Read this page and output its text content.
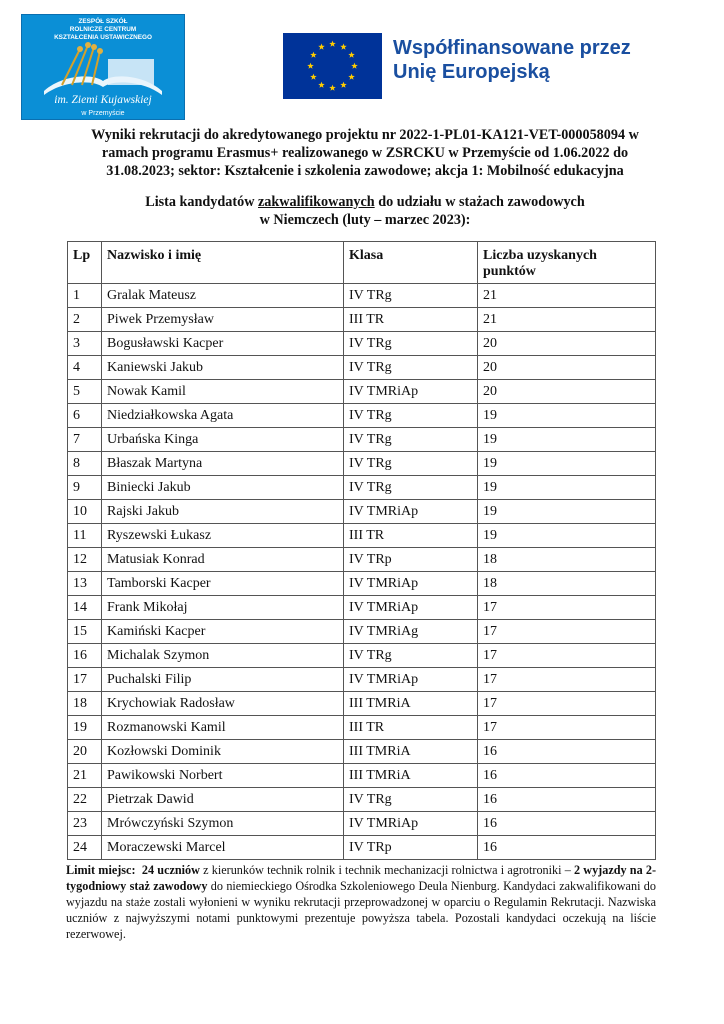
ZESPÓŁ SZKÓŁ
ROLNICZE CENTRUM
KSZTAŁCENIA USTAWICZNEGO
im. Ziemi Kujawskiej
w Przemyście
Współfinansowane przez
Unię Europejską
Wyniki rekrutacji do akredytowanego projektu nr 2022-1-PL01-KA121-VET-000058094 w ramach programu Erasmus+ realizowanego w ZSRCKU w Przemyście od 1.06.2022 do 31.08.2023; sektor: Kształcenie i szkolenia zawodowe; akcja 1: Mobilność edukacyjna
Lista kandydatów zakwalifikowanych do udziału w stażach zawodowych
w Niemczech (luty – marzec 2023):
Lp	Nazwisko i imię	Klasa	Liczba uzyskanych punktów
1	Gralak Mateusz	IV TRg	21
2	Piwek Przemysław	III TR	21
3	Bogusławski Kacper	IV TRg	20
4	Kaniewski Jakub	IV TRg	20
5	Nowak Kamil	IV TMRiAp	20
6	Niedziałkowska Agata	IV TRg	19
7	Urbańska Kinga	IV TRg	19
8	Błaszak Martyna	IV TRg	19
9	Biniecki Jakub	IV TRg	19
10	Rajski Jakub	IV TMRiAp	19
11	Ryszewski Łukasz	III TR	19
12	Matusiak Konrad	IV TRp	18
13	Tamborski Kacper	IV TMRiAp	18
14	Frank Mikołaj	IV TMRiAp	17
15	Kamiński Kacper	IV TMRiAg	17
16	Michalak Szymon	IV TRg	17
17	Puchalski Filip	IV TMRiAp	17
18	Krychowiak Radosław	III TMRiA	17
19	Rozmanowski Kamil	III TR	17
20	Kozłowski Dominik	III TMRiA	16
21	Pawikowski Norbert	III TMRiA	16
22	Pietrzak Dawid	IV TRg	16
23	Mrówczyński Szymon	IV TMRiAp	16
24	Moraczewski Marcel	IV TRp	16
Limit miejsc: 24 uczniów z kierunków technik rolnik i technik mechanizacji rolnictwa i agrotroniki – 2 wyjazdy na 2- tygodniowy staż zawodowy do niemieckiego Ośrodka Szkoleniowego Deula Nienburg. Kandydaci zakwalifikowani do wyjazdu na staże zostali wyłonieni w wyniku rekrutacji przeprowadzonej w oparciu o Regulamin Rekrutacji. Nazwiska uczniów z najwyższymi notami punktowymi prezentuje powyższa tabela. Pozostali kandydaci oczekują na liście rezerwowej.
